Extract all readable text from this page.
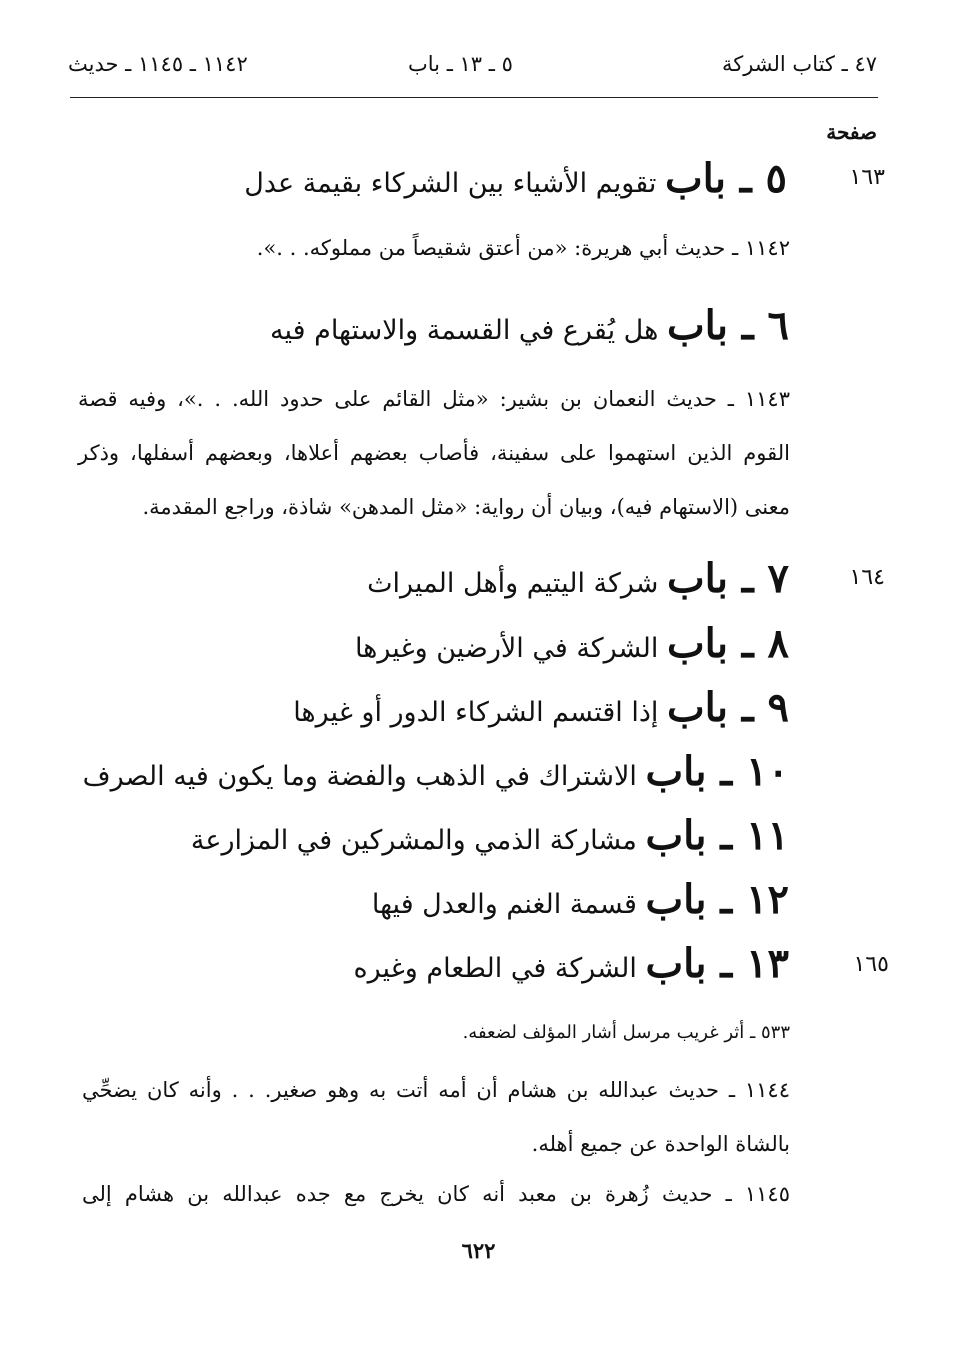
٤٧ ـ كتاب الشركة
٥ ـ ١٣ ـ باب
١١٤٢ ـ ١١٤٥ ـ حديث
صفحة
١٦٣
٥ ـ باب تقويم الأشياء بين الشركاء بقيمة عدل
١١٤٢ ـ حديث أبي هريرة: «من أعتق شقيصاً من مملوكه. . .».
٦ ـ باب هل يُقرع في القسمة والاستهام فيه
١١٤٣ ـ حديث النعمان بن بشير: «مثل القائم على حدود الله. . .»، وفيه قصة
القوم الذين استهموا على سفينة، فأصاب بعضهم أعلاها، وبعضهم أسفلها، وذكر
معنى (الاستهام فيه)، وبيان أن رواية: «مثل المدهن» شاذة، وراجع المقدمة.
١٦٤
٧ ـ باب شركة اليتيم وأهل الميراث
٨ ـ باب الشركة في الأرضين وغيرها
٩ ـ باب إذا اقتسم الشركاء الدور أو غيرها
١٠ ـ باب الاشتراك في الذهب والفضة وما يكون فيه الصرف
١١ ـ باب مشاركة الذمي والمشركين في المزارعة
١٢ ـ باب قسمة الغنم والعدل فيها
١٦٥
١٣ ـ باب الشركة في الطعام وغيره
٥٣٣ ـ أثر غريب مرسل أشار المؤلف لضعفه.
١١٤٤ ـ حديث عبدالله بن هشام أن أمه أتت به وهو صغير. . . وأنه كان يضحِّي
بالشاة الواحدة عن جميع أهله.
١١٤٥ ـ حديث زُهرة بن معبد أنه كان يخرج مع جده عبدالله بن هشام إلى
٦٢٢
